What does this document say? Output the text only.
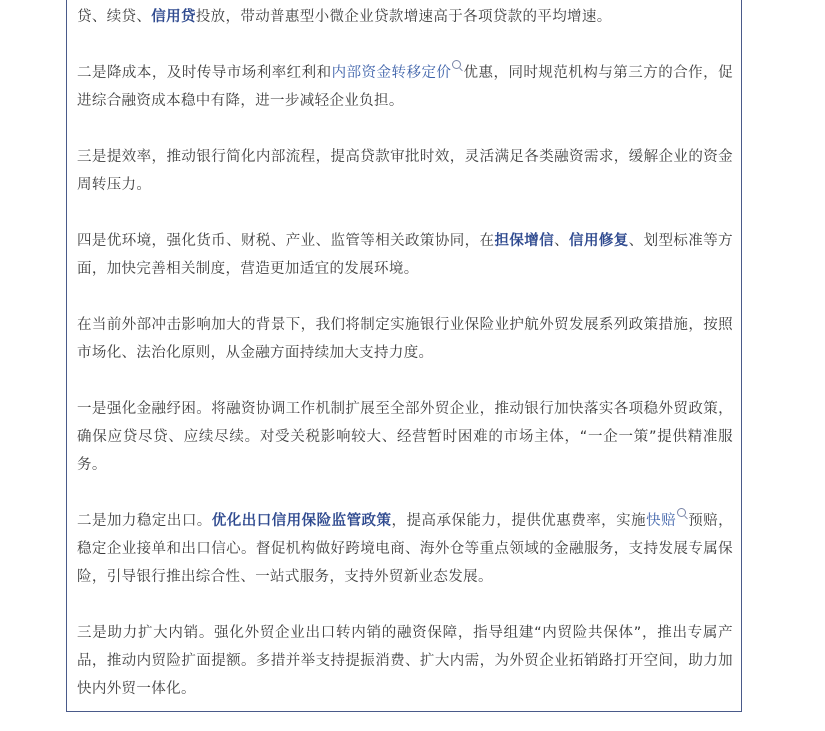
贷、续贷、信用贷投放，带动普惠型小微企业贷款增速高于各项贷款的平均增速。

二是降成本，及时传导市场利率红利和内部资金转移定价 优惠，同时规范机构与第三方的合作，促进综合融资成本稳中有降，进一步减轻企业负担。

三是提效率，推动银行简化内部流程，提高贷款审批时效，灵活满足各类融资需求，缓解企业的资金周转压力。

四是优环境，强化货币、财税、产业、监管等相关政策协同，在担保增信、信用修复、划型标准等方面，加快完善相关制度，营造更加适宜的发展环境。

在当前外部冲击影响加大的背景下，我们将制定实施银行业保险业护航外贸发展系列政策措施，按照市场化、法治化原则，从金融方面持续加大支持力度。

一是强化金融纾困。将融资协调工作机制扩展至全部外贸企业，推动银行加快落实各项稳外贸政策，确保应贷尽贷、应续尽续。对受关税影响较大、经营暂时困难的市场主体，“一企一策”提供精准服务。

二是加力稳定出口。优化出口信用保险监管政策，提高承保能力，提供优惠费率，实施快赔 预赔，稳定企业接单和出口信心。督促机构做好跨境电商、海外仓等重点领域的金融服务，支持发展专属保险，引导银行推出综合性、一站式服务，支持外贸新业态发展。

三是助力扩大内销。强化外贸企业出口转内销的融资保障，指导组建“内贸险共保体”，推出专属产品，推动内贸险扩面提额。多措并举支持提振消费、扩大内需，为外贸企业拓销路打开空间，助力加快内外贸一体化。
